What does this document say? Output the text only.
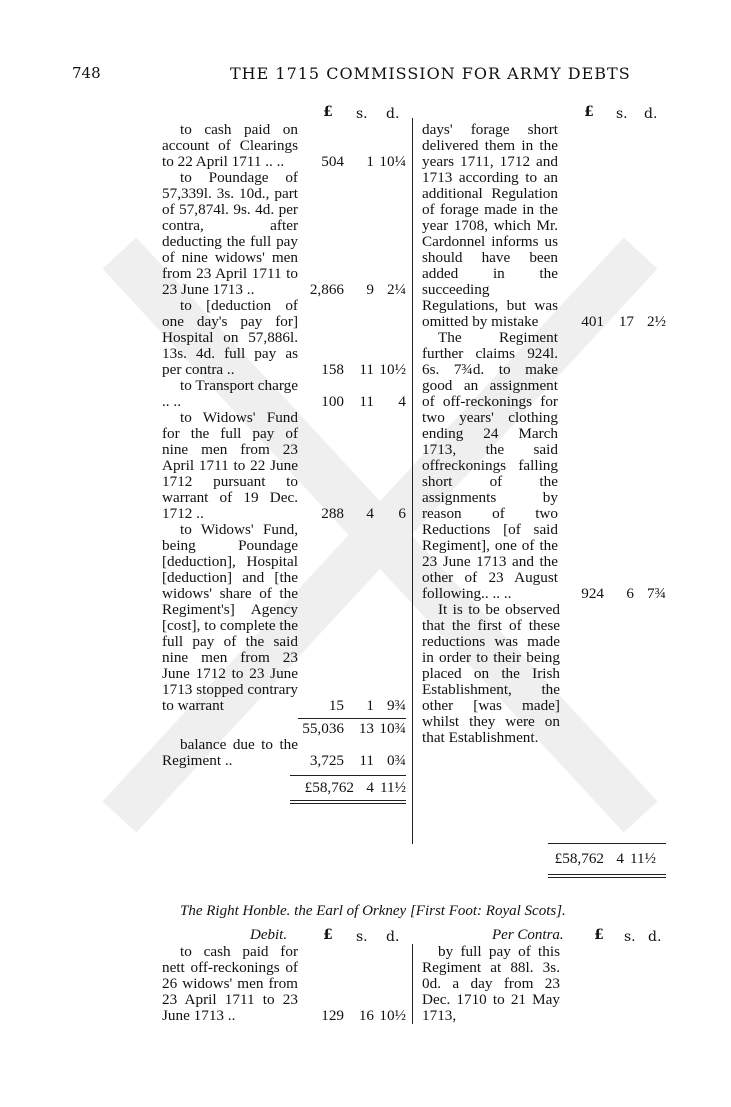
748	THE 1715 COMMISSION FOR ARMY DEBTS
£ s. d.	£ s. d.
to cash paid on account of Clearings to 22 April 1711 .. ..	504	1 10¼
to Poundage of 57,339l. 3s. 10d., part of 57,874l. 9s. 4d. per contra, after deducting the full pay of nine widows' men from 23 April 1711 to 23 June 1713 ..	2,866	9 2¼
to [deduction of one day's pay for] Hospital on 57,886l. 13s. 4d. full pay as per contra ..	158	11 10½
to Transport charge .. ..	100	11	4
to Widows' Fund for the full pay of nine men from 23 April 1711 to 22 June 1712 pursuant to warrant of 19 Dec. 1712 ..	288	4	6
to Widows' Fund, being Poundage [deduction], Hospital [deduction] and [the widows' share of the Regiment's] Agency [cost], to complete the full pay of the said nine men from 23 June 1712 to 23 June 1713 stopped contrary to warrant	15	1 9¾
55,036 13 10¾
balance due to the Regiment ..	3,725	11 0¾
£58,762 4 11½
days' forage short delivered them in the years 1711, 1712 and 1713 according to an additional Regulation of forage made in the year 1708, which Mr. Cardonnel informs us should have been added in the succeeding Regulations, but was omitted by mistake	401 17 2½
The Regiment further claims 924l. 6s. 7¾d. to make good an assignment of off-reckonings for two years' clothing ending 24 March 1713, the said offreckonings falling short of the assignments by reason of two Reductions [of said Regiment], one of the 23 June 1713 and the other of 23 August following.. .. ..	924	6 7¾
It is to be observed that the first of these reductions was made in order to their being placed on the Irish Establishment, the other [was made] whilst they were on that Establishment.
£58,762 4 11½
The Right Honble. the Earl of Orkney [First Foot: Royal Scots].
Debit.	£ s. d.	Per Contra. £ s. d.
to cash paid for nett off-reckonings of 26 widows' men from 23 April 1711 to 23 June 1713 ..	129 16 10½
by full pay of this Regiment at 88l. 3s. 0d. a day from 23 Dec. 1710 to 21 May 1713,
